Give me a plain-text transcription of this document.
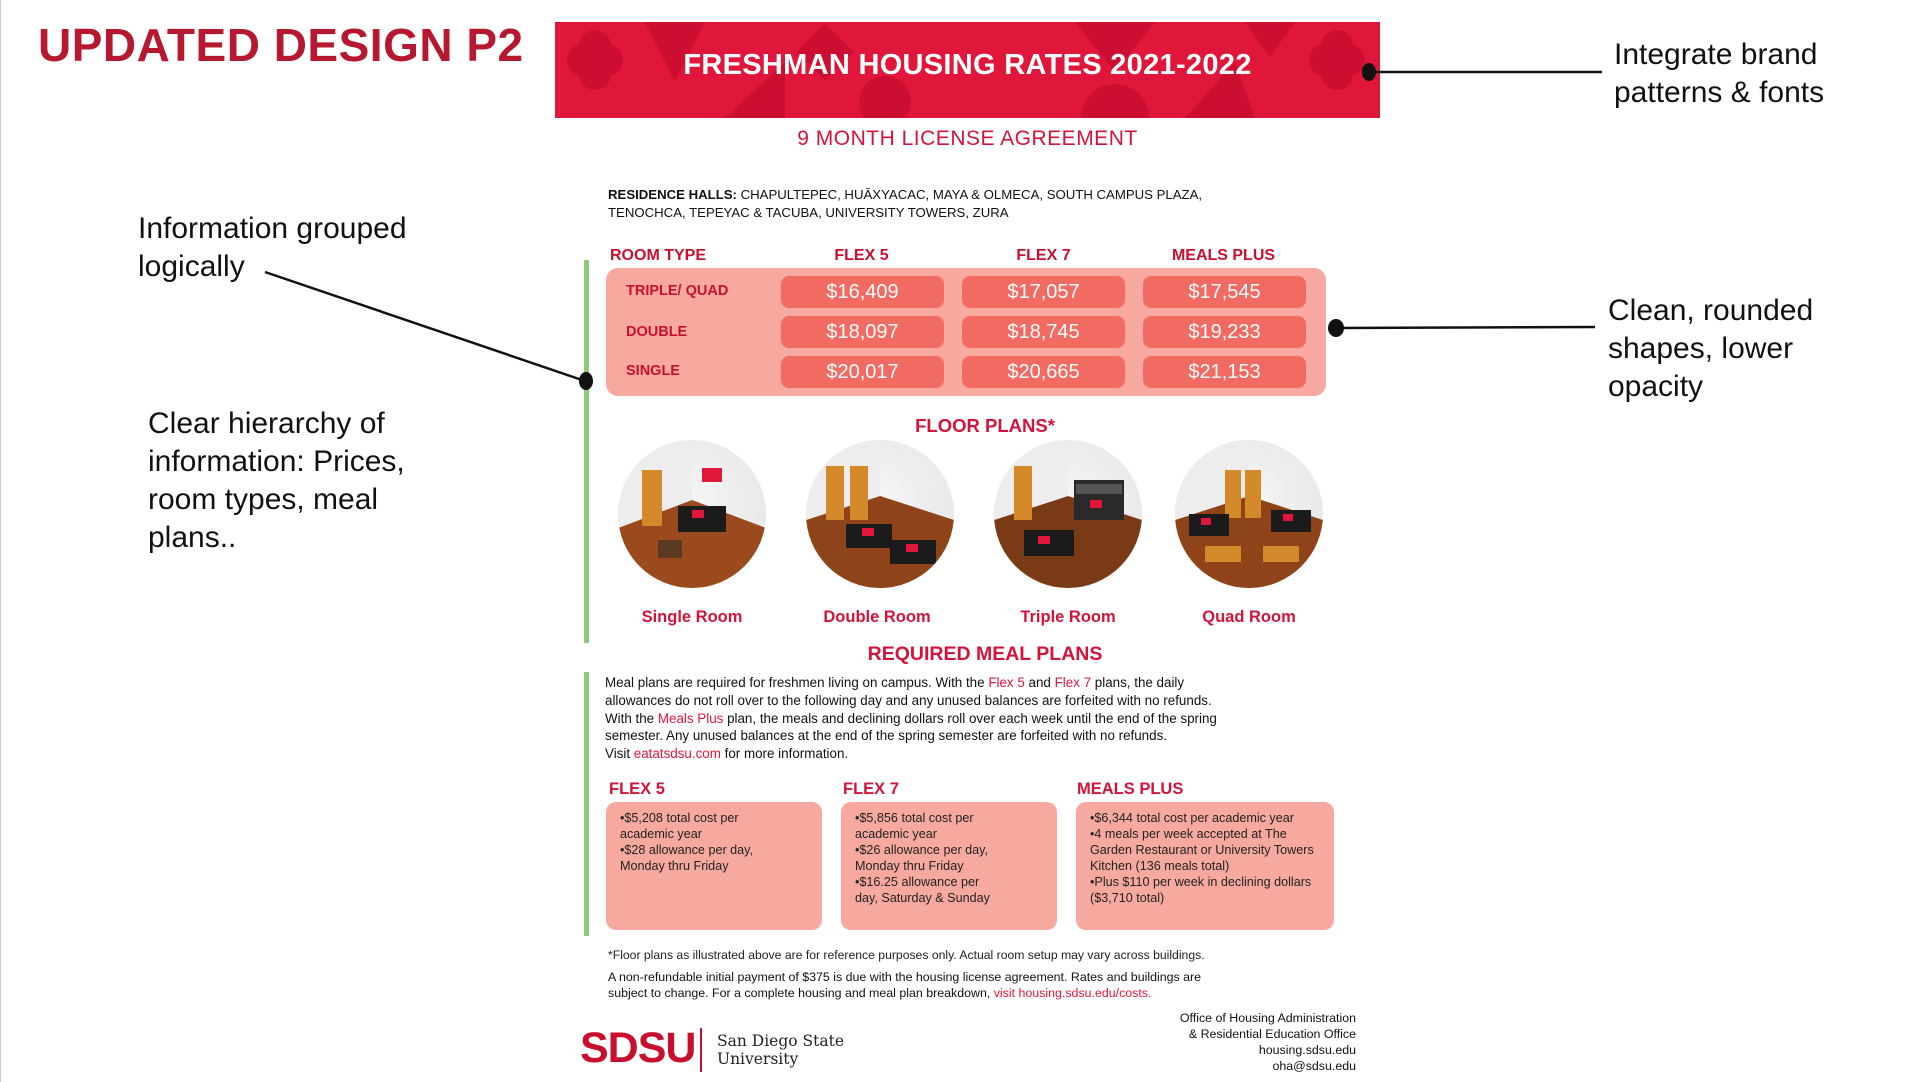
UPDATED DESIGN P2	FRESHMAN HOUSING RATES 2021-2022
9 MONTH LICENSE AGREEMENT
RESIDENCE HALLS: CHAPULTEPEC, HUĀXYACAC, MAYA & OLMECA, SOUTH CAMPUS PLAZA,
TENOCHCA, TEPEYAC & TACUBA, UNIVERSITY TOWERS, ZURA
ROOM TYPE	FLEX 5	FLEX 7	MEALS PLUS
TRIPLE/ QUAD	$16,409	$17,057	$17,545
DOUBLE	$18,097	$18,745	$19,233
SINGLE	$20,017	$20,665	$21,153
FLOOR PLANS*
Single Room	Double Room	Triple Room	Quad Room
REQUIRED MEAL PLANS
Meal plans are required for freshmen living on campus. With the Flex 5 and Flex 7 plans, the daily
allowances do not roll over to the following day and any unused balances are forfeited with no refunds.
With the Meals Plus plan, the meals and declining dollars roll over each week until the end of the spring
semester. Any unused balances at the end of the spring semester are forfeited with no refunds.
Visit eatatsdsu.com for more information.
FLEX 5	FLEX 7	MEALS PLUS
• $5,208 total cost per academic year
• $28 allowance per day, Monday thru Friday
• $5,856 total cost per academic year
• $26 allowance per day, Monday thru Friday
• $16.25 allowance per day, Saturday & Sunday
• $6,344 total cost per academic year
• 4 meals per week accepted at The Garden Restaurant or University Towers Kitchen (136 meals total)
• Plus $110 per week in declining dollars ($3,710 total)
*Floor plans as illustrated above are for reference purposes only. Actual room setup may vary across buildings.
A non-refundable initial payment of $375 is due with the housing license agreement. Rates and buildings are
subject to change. For a complete housing and meal plan breakdown, visit housing.sdsu.edu/costs.
SDSU San Diego State
University
Office of Housing Administration
& Residential Education Office
housing.sdsu.edu
oha@sdsu.edu
Integrate brand
patterns & fonts
Information grouped
logically
Clean, rounded
shapes, lower
opacity
Clear hierarchy of
information: Prices,
room types, meal
plans..
